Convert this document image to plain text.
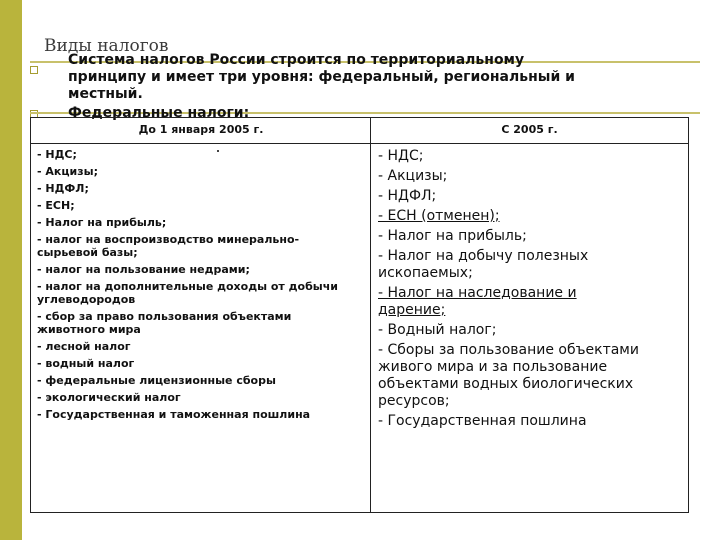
Виды налогов

Система налогов России строится по территориальному
принципу и имеет три уровня: федеральный, региональный и
местный.

Федеральные налоги:
До 1 января 2005 г.	С 2005 г.
- НДС;
- Акцизы;
- НДФЛ;
- ЕСН;
- Налог на прибыль;
- налог на воспроизводство минерально-
сырьевой базы;
- налог на пользование недрами;
- налог на дополнительные доходы от добычи
углеводородов
- сбор за право пользования объектами
животного мира
- лесной налог
- водный налог
- федеральные лицензионные сборы
- экологический налог
- Государственная и таможенная пошлина
- НДС;
- Акцизы;
- НДФЛ;
- ЕСН (отменен);
- Налог на прибыль;
- Налог на добычу полезных
ископаемых;
- Налог на наследование и
дарение;
- Водный налог;
- Сборы за пользование объектами
живого мира и за пользование
объектами водных биологических
ресурсов;
- Государственная пошлина
